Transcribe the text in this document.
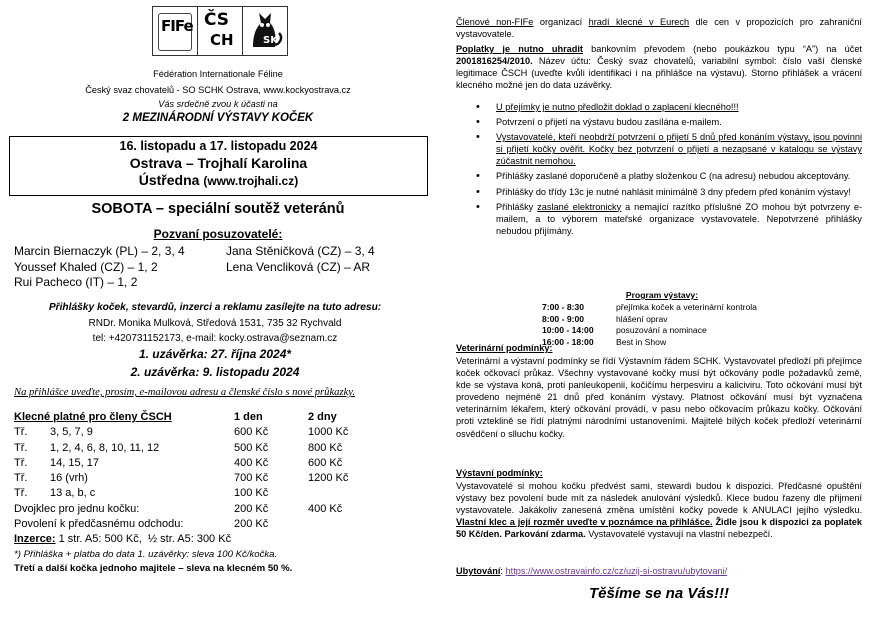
FIFe ČS
CH	SK
Fédération Internationale Féline
Český svaz chovatelů - SO SCHK Ostrava, www.kockyostrava.cz
Vás srdečně zvou k účasti na
2 MEZINÁRODNÍ VÝSTAVY KOČEK
16. listopadu a 17. listopadu 2024
Ostrava – Trojhalí Karolina
Ústředna (www.trojhali.cz)
SOBOTA – speciální soutěž veteránů
Pozvaní posuzovatelé:
Marcin Biernaczyk (PL) – 2, 3, 4	Jana Stěničková (CZ) – 3, 4
Youssef Khaled (CZ) – 1, 2	Lena Vencliková (CZ) – AR
Rui Pacheco (IT) – 1, 2
Přihlášky koček, stevardů, inzerci a reklamu zasílejte na tuto adresu:
RNDr. Monika Mulková, Středová 1531, 735 32 Rychvald
tel: +420731152173, e-mail: kocky.ostrava@seznam.cz
1. uzávěrka: 27. října 2024*
2. uzávěrka: 9. listopadu 2024
Na přihlášce uveďte, prosím, e-mailovou adresu a členské číslo s nové průkazky.
Klecné platné pro členy ČSCH	1 den	2 dny
Tř.	3, 5, 7, 9	600 Kč	1000 Kč
Tř.	1, 2, 4, 6, 8, 10, 11, 12	500 Kč	800 Kč
Tř.	14, 15, 17	400 Kč	600 Kč
Tř.	16 (vrh)	700 Kč	1200 Kč
Tř.	13 a, b, c	100 Kč
Dvojklec pro jednu kočku:	200 Kč	400 Kč
Povolení k předčasnému odchodu:	200 Kč
Inzerce: 1 str. A5: 500 Kč,  ½ str. A5: 300 Kč
*) Přihláška + platba do data 1. uzávěrky: sleva 100 Kč/kočka.
Třetí a další kočka jednoho majitele – sleva na klecném 50 %.
Členové non-FIFe organizací hradí klecné v Eurech dle cen v propozicích pro zahraniční vystavovatele.
Poplatky je nutno uhradit bankovním převodem (nebo poukázkou typu “A”) na účet 2001816254/2010. Název účtu: Český svaz chovatelů, variabilní symbol: číslo vaší členské legitimace ČSCH (uveďte kvůli identifikaci i na přihlášce na výstavu). Storno přihlášek a vrácení klecného možné jen do data uzávěrky.
• U přejímky je nutno předložit doklad o zaplacení klecného!!!
• Potvrzení o přijetí na výstavu budou zasílána e-mailem.
• Vystavovatelé, kteří neobdrží potvrzení o přijetí 5 dnů před konáním výstavy, jsou povinni si přijetí kočky ověřit. Kočky bez potvrzení o přijetí a nezapsané v katalogu se výstavy zúčastnit nemohou.
• Přihlášky zaslané doporučeně a platby složenkou C (na adresu) nebudou akceptovány.
• Přihlášky do třídy 13c je nutné nahlásit minimálně 3 dny předem před konáním výstavy!
• Přihlášky zaslané elektronicky a nemající razítko příslušné ZO mohou být potvrzeny e-mailem, a to výborem mateřské organizace vystavovatele. Nepotvrzené přihlášky nebudou přijímány.
Program výstavy:
7:00 - 8:30	přejímka koček a veterinární kontrola
8:00 - 9:00	hlášení oprav
10:00 - 14:00	posuzování a nominace
16:00 - 18:00	Best in Show
Veterinární podmínky:
Veterinární a výstavní podmínky se řídí Výstavním řádem SCHK. Vystavovatel předloží při přejímce koček očkovací průkaz. Všechny vystavované kočky musí být očkovány podle požadavků země, kde se výstava koná, proti panleukopenii, kočičímu herpesviru a kaliciviru. Toto očkování musí být provedeno nejméně 21 dnů před konáním výstavy. Platnost očkování musí být vyznačena veterinárním lékařem, který očkování provádí, v pasu nebo očkovacím průkazu kočky. Očkování proti vzteklině se řídí platnými národními ustanoveními. Majitelé bílých koček předloží veterinární osvědčení o slluchu kočky.
Výstavní podmínky:
Vystavovatelé si mohou kočku předvést sami, stewardi budou k dispozici. Předčasné opuštění výstavy bez povolení bude mít za následek anulování výsledků. Klece budou řazeny dle přijmení vystavovatele. Jakákoliv zanesená změna umístění kočky povede k ANULACI jejího výsledku. Vlastní klec a její rozměr uveďte v poznámce na přihlášce. Židle jsou k dispozici za poplatek 50 Kč/den. Parkování zdarma. Vystavovatelé vystavují na vlastní nebezpečí.
Ubytování: https://www.ostravainfo.cz/cz/uzij-si-ostravu/ubytovani/
Těšíme se na Vás!!!
